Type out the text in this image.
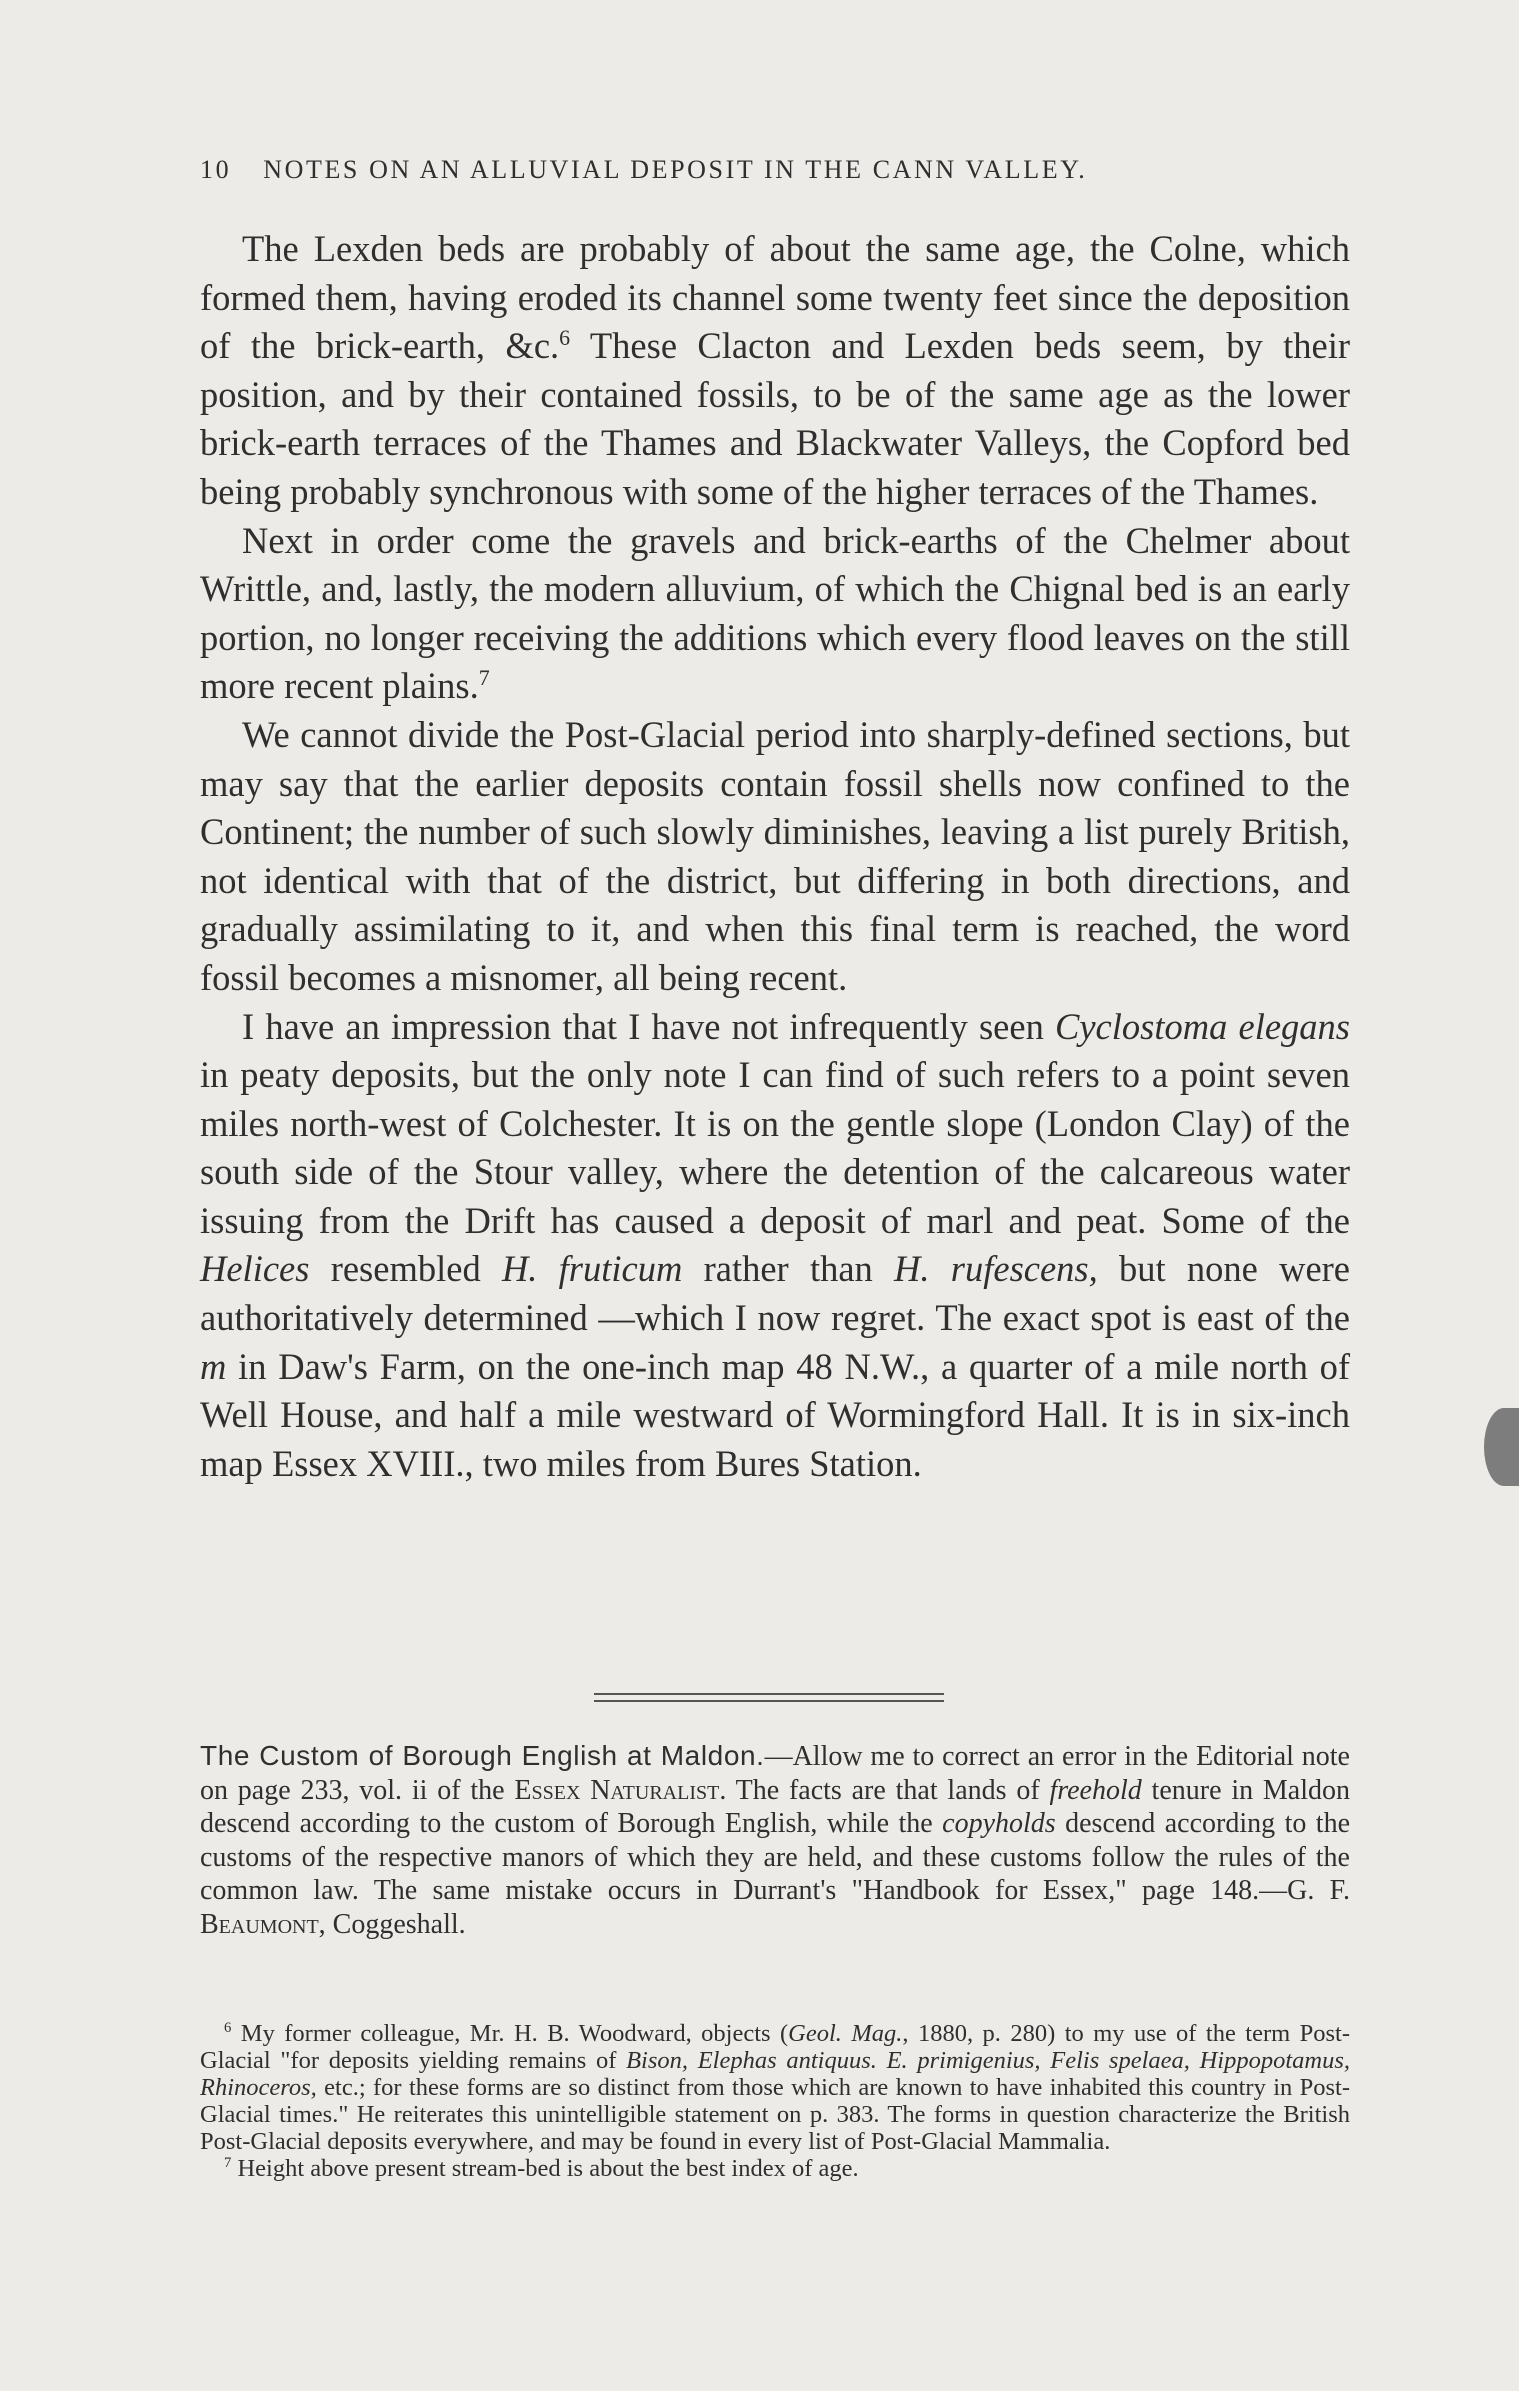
10 NOTES ON AN ALLUVIAL DEPOSIT IN THE CANN VALLEY.

The Lexden beds are probably of about the same age, the Colne, which formed them, having eroded its channel some twenty feet since the deposition of the brick-earth, &c.$^6$ These Clacton and Lexden beds seem, by their position, and by their contained fossils, to be of the same age as the lower brick-earth terraces of the Thames and Blackwater Valleys, the Copford bed being probably synchronous with some of the higher terraces of the Thames.

Next in order come the gravels and brick-earths of the Chelmer about Writtle, and, lastly, the modern alluvium, of which the Chignal bed is an early portion, no longer receiving the additions which every flood leaves on the still more recent plains.$^7$

We cannot divide the Post-Glacial period into sharply-defined sections, but may say that the earlier deposits contain fossil shells now confined to the Continent; the number of such slowly diminishes, leaving a list purely British, not identical with that of the district, but differing in both directions, and gradually assimilating to it, and when this final term is reached, the word fossil becomes a misnomer, all being recent.

I have an impression that I have not infrequently seen Cyclostoma elegans in peaty deposits, but the only note I can find of such refers to a point seven miles north-west of Colchester. It is on the gentle slope (London Clay) of the south side of the Stour valley, where the detention of the calcareous water issuing from the Drift has caused a deposit of marl and peat. Some of the Helices resembled H. fruticum rather than H. rufescens, but none were authoritatively determined —which I now regret. The exact spot is east of the m in Daw's Farm, on the one-inch map 48 N.W., a quarter of a mile north of Well House, and half a mile westward of Wormingford Hall. It is in six-inch map Essex XVIII., two miles from Bures Station.

The Custom of Borough English at Maldon.—Allow me to correct an error in the Editorial note on page 233, vol. ii of the Essex Naturalist. The facts are that lands of freehold tenure in Maldon descend according to the custom of Borough English, while the copyholds descend according to the customs of the respective manors of which they are held, and these customs follow the rules of the common law. The same mistake occurs in Durrant's "Handbook for Essex," page 148.—G. F. Beaumont, Coggeshall.

$^6$ My former colleague, Mr. H. B. Woodward, objects (Geol. Mag., 1880, p. 280) to my use of the term Post-Glacial "for deposits yielding remains of Bison, Elephas antiquus. E. primigenius, Felis spelaea, Hippopotamus, Rhinoceros, etc.; for these forms are so distinct from those which are known to have inhabited this country in Post-Glacial times." He reiterates this unintelligible statement on p. 383. The forms in question characterize the British Post-Glacial deposits everywhere, and may be found in every list of Post-Glacial Mammalia.

$^7$ Height above present stream-bed is about the best index of age.
